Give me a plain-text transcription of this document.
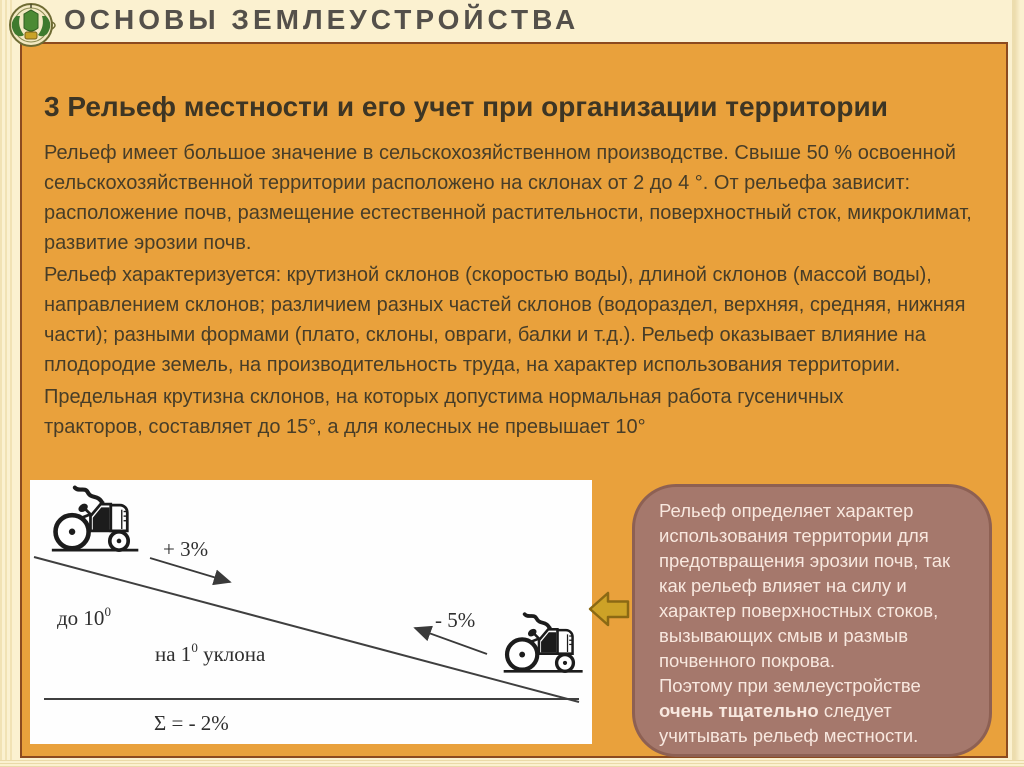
ОСНОВЫ ЗЕМЛЕУСТРОЙСТВА
3 Рельеф местности и его учет при организации территории

Рельеф имеет большое значение в сельскохозяйственном производстве. Свыше 50 % освоенной сельскохозяйственной территории расположено на склонах от 2 до 4 °. От рельефа зависит: расположение почв, размещение естественной растительности, поверхностный сток, микроклимат, развитие эрозии почв.

Рельеф характеризуется: крутизной склонов (скоростью воды), длиной склонов (массой воды), направлением склонов; различием разных частей склонов (водораздел, верхняя, средняя, нижняя части); разными формами (плато, склоны, овраги, балки и т.д.). Рельеф оказывает влияние на плодородие земель, на производительность труда, на характер использования территории.

Предельная крутизна склонов, на которых допустима нормальная работа гусеничных тракторов, составляет до 15°, а для колесных не превышает 10°

+ 3%
- 5%
до $10^0$
на $1^0$ уклона
Σ = - 2%
Рельеф определяет характер использования территории для предотвращения эрозии почв, так как рельеф влияет на силу и характер поверхностных стоков, вызывающих смыв и размыв почвенного покрова.
Поэтому при землеустройстве очень тщательно следует учитывать рельеф местности.
